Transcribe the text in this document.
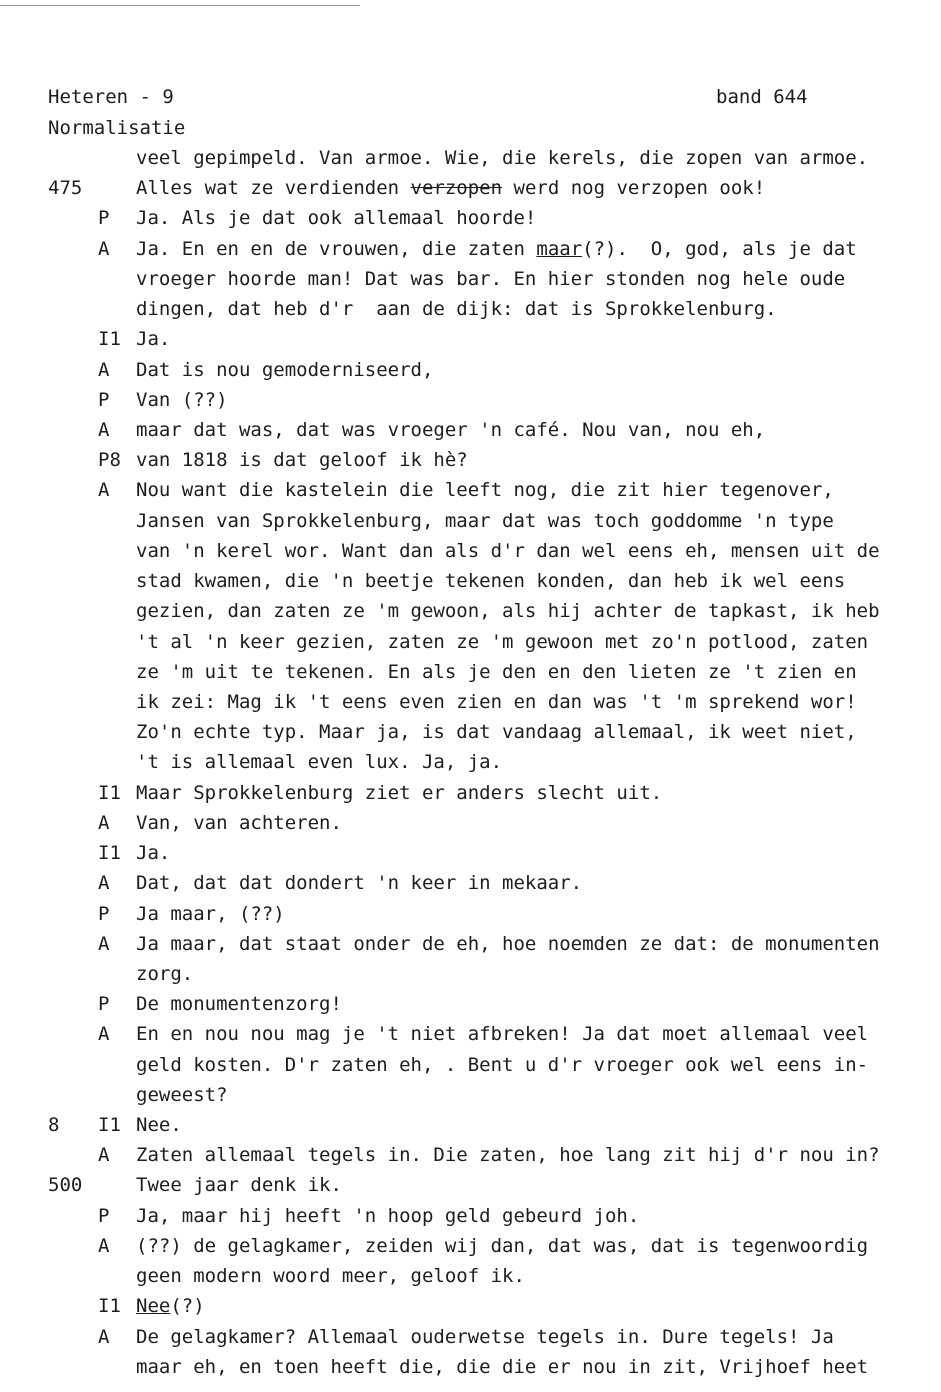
Heteren - 9	band 644
Normalisatie
veel gepimpeld. Van armoe. Wie, die kerels, die zopen van armoe.
475	Alles wat ze verdienden verzopen werd nog verzopen ook!
P Ja. Als je dat ook allemaal hoorde!
A Ja. En en en de vrouwen, die zaten maar(?).  O, god, als je dat
vroeger hoorde man! Dat was bar. En hier stonden nog hele oude
dingen, dat heb d'r  aan de dijk: dat is Sprokkelenburg.
I1 Ja.
A Dat is nou gemoderniseerd,
P Van (??)
A maar dat was, dat was vroeger 'n café. Nou van, nou eh,
P8 van 1818 is dat geloof ik hè?
A Nou want die kastelein die leeft nog, die zit hier tegenover,
Jansen van Sprokkelenburg, maar dat was toch goddomme 'n type
van 'n kerel wor. Want dan als d'r dan wel eens eh, mensen uit de
stad kwamen, die 'n beetje tekenen konden, dan heb ik wel eens
gezien, dan zaten ze 'm gewoon, als hij achter de tapkast, ik heb
't al 'n keer gezien, zaten ze 'm gewoon met zo'n potlood, zaten
ze 'm uit te tekenen. En als je den en den lieten ze 't zien en
ik zei: Mag ik 't eens even zien en dan was 't 'm sprekend wor!
Zo'n echte typ. Maar ja, is dat vandaag allemaal, ik weet niet,
't is allemaal even lux. Ja, ja.
I1 Maar Sprokkelenburg ziet er anders slecht uit.
A Van, van achteren.
I1 Ja.
A Dat, dat dat dondert 'n keer in mekaar.
P Ja maar, (??)
A Ja maar, dat staat onder de eh, hoe noemden ze dat: de monumenten
zorg.
P De monumentenzorg!
A En en nou nou mag je 't niet afbreken! Ja dat moet allemaal veel
geld kosten. D'r zaten eh, . Bent u d'r vroeger ook wel eens in-
geweest?
8 I1 Nee.
A Zaten allemaal tegels in. Die zaten, hoe lang zit hij d'r nou in?
500	Twee jaar denk ik.
P Ja, maar hij heeft 'n hoop geld gebeurd joh.
A (??) de gelagkamer, zeiden wij dan, dat was, dat is tegenwoordig
geen modern woord meer, geloof ik.
I1 Nee(?)
A De gelagkamer? Allemaal ouderwetse tegels in. Dure tegels! Ja
maar eh, en toen heeft die, die die er nou in zit, Vrijhoef heet
